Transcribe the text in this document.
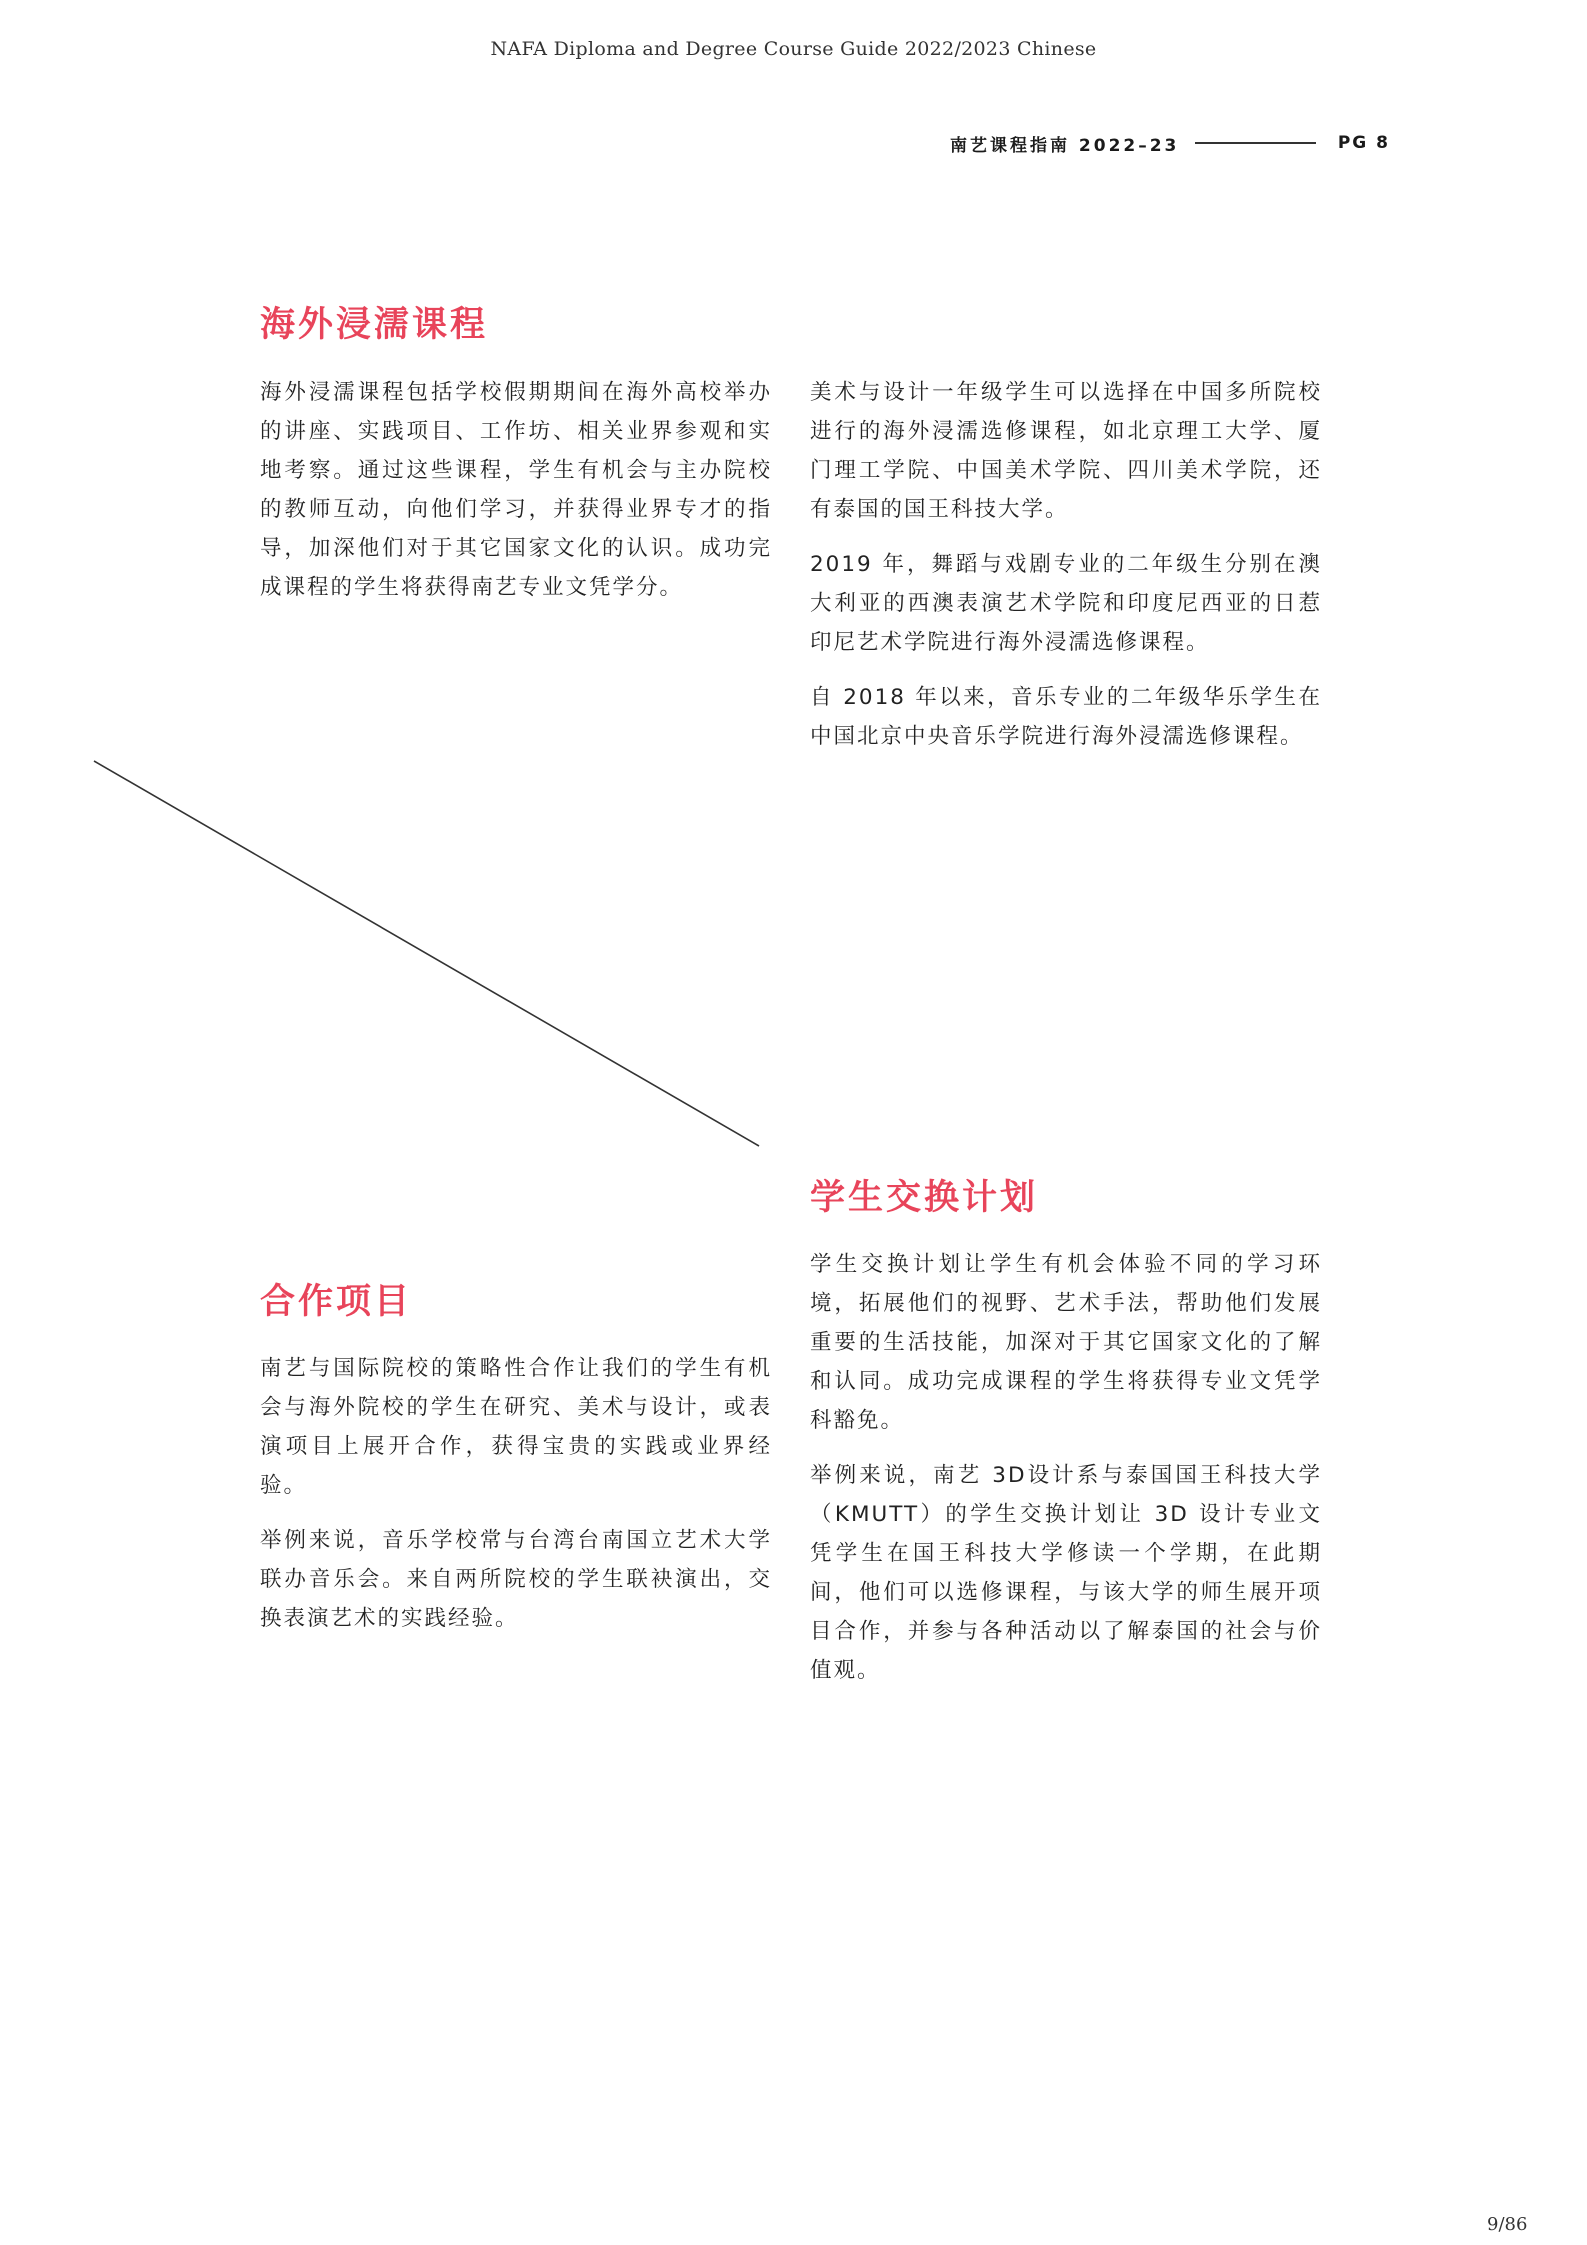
NAFA Diploma and Degree Course Guide 2022/2023 Chinese
南艺课程指南 2022–23	PG 8
海外浸濡课程

海外浸濡课程包括学校假期期间在海外高校举办的讲座、实践项目、工作坊、相关业界参观和实地考察。通过这些课程，学生有机会与主办院校的教师互动，向他们学习，并获得业界专才的指导，加深他们对于其它国家文化的认识。成功完成课程的学生将获得南艺专业文凭学分。

美术与设计一年级学生可以选择在中国多所院校进行的海外浸濡选修课程，如北京理工大学、厦门理工学院、中国美术学院、四川美术学院，还有泰国的国王科技大学。

2019 年，舞蹈与戏剧专业的二年级生分别在澳大利亚的西澳表演艺术学院和印度尼西亚的日惹印尼艺术学院进行海外浸濡选修课程。

自 2018 年以来，音乐专业的二年级华乐学生在中国北京中央音乐学院进行海外浸濡选修课程。

学生交换计划

学生交换计划让学生有机会体验不同的学习环境，拓展他们的视野、艺术手法，帮助他们发展重要的生活技能，加深对于其它国家文化的了解和认同。成功完成课程的学生将获得专业文凭学科豁免。

举例来说，南艺 3D设计系与泰国国王科技大学（KMUTT）的学生交换计划让 3D 设计专业文凭学生在国王科技大学修读一个学期，在此期间，他们可以选修课程，与该大学的师生展开项目合作，并参与各种活动以了解泰国的社会与价值观。

合作项目

南艺与国际院校的策略性合作让我们的学生有机会与海外院校的学生在研究、美术与设计，或表演项目上展开合作，获得宝贵的实践或业界经验。

举例来说，音乐学校常与台湾台南国立艺术大学联办音乐会。来自两所院校的学生联袂演出，交换表演艺术的实践经验。

9/86
